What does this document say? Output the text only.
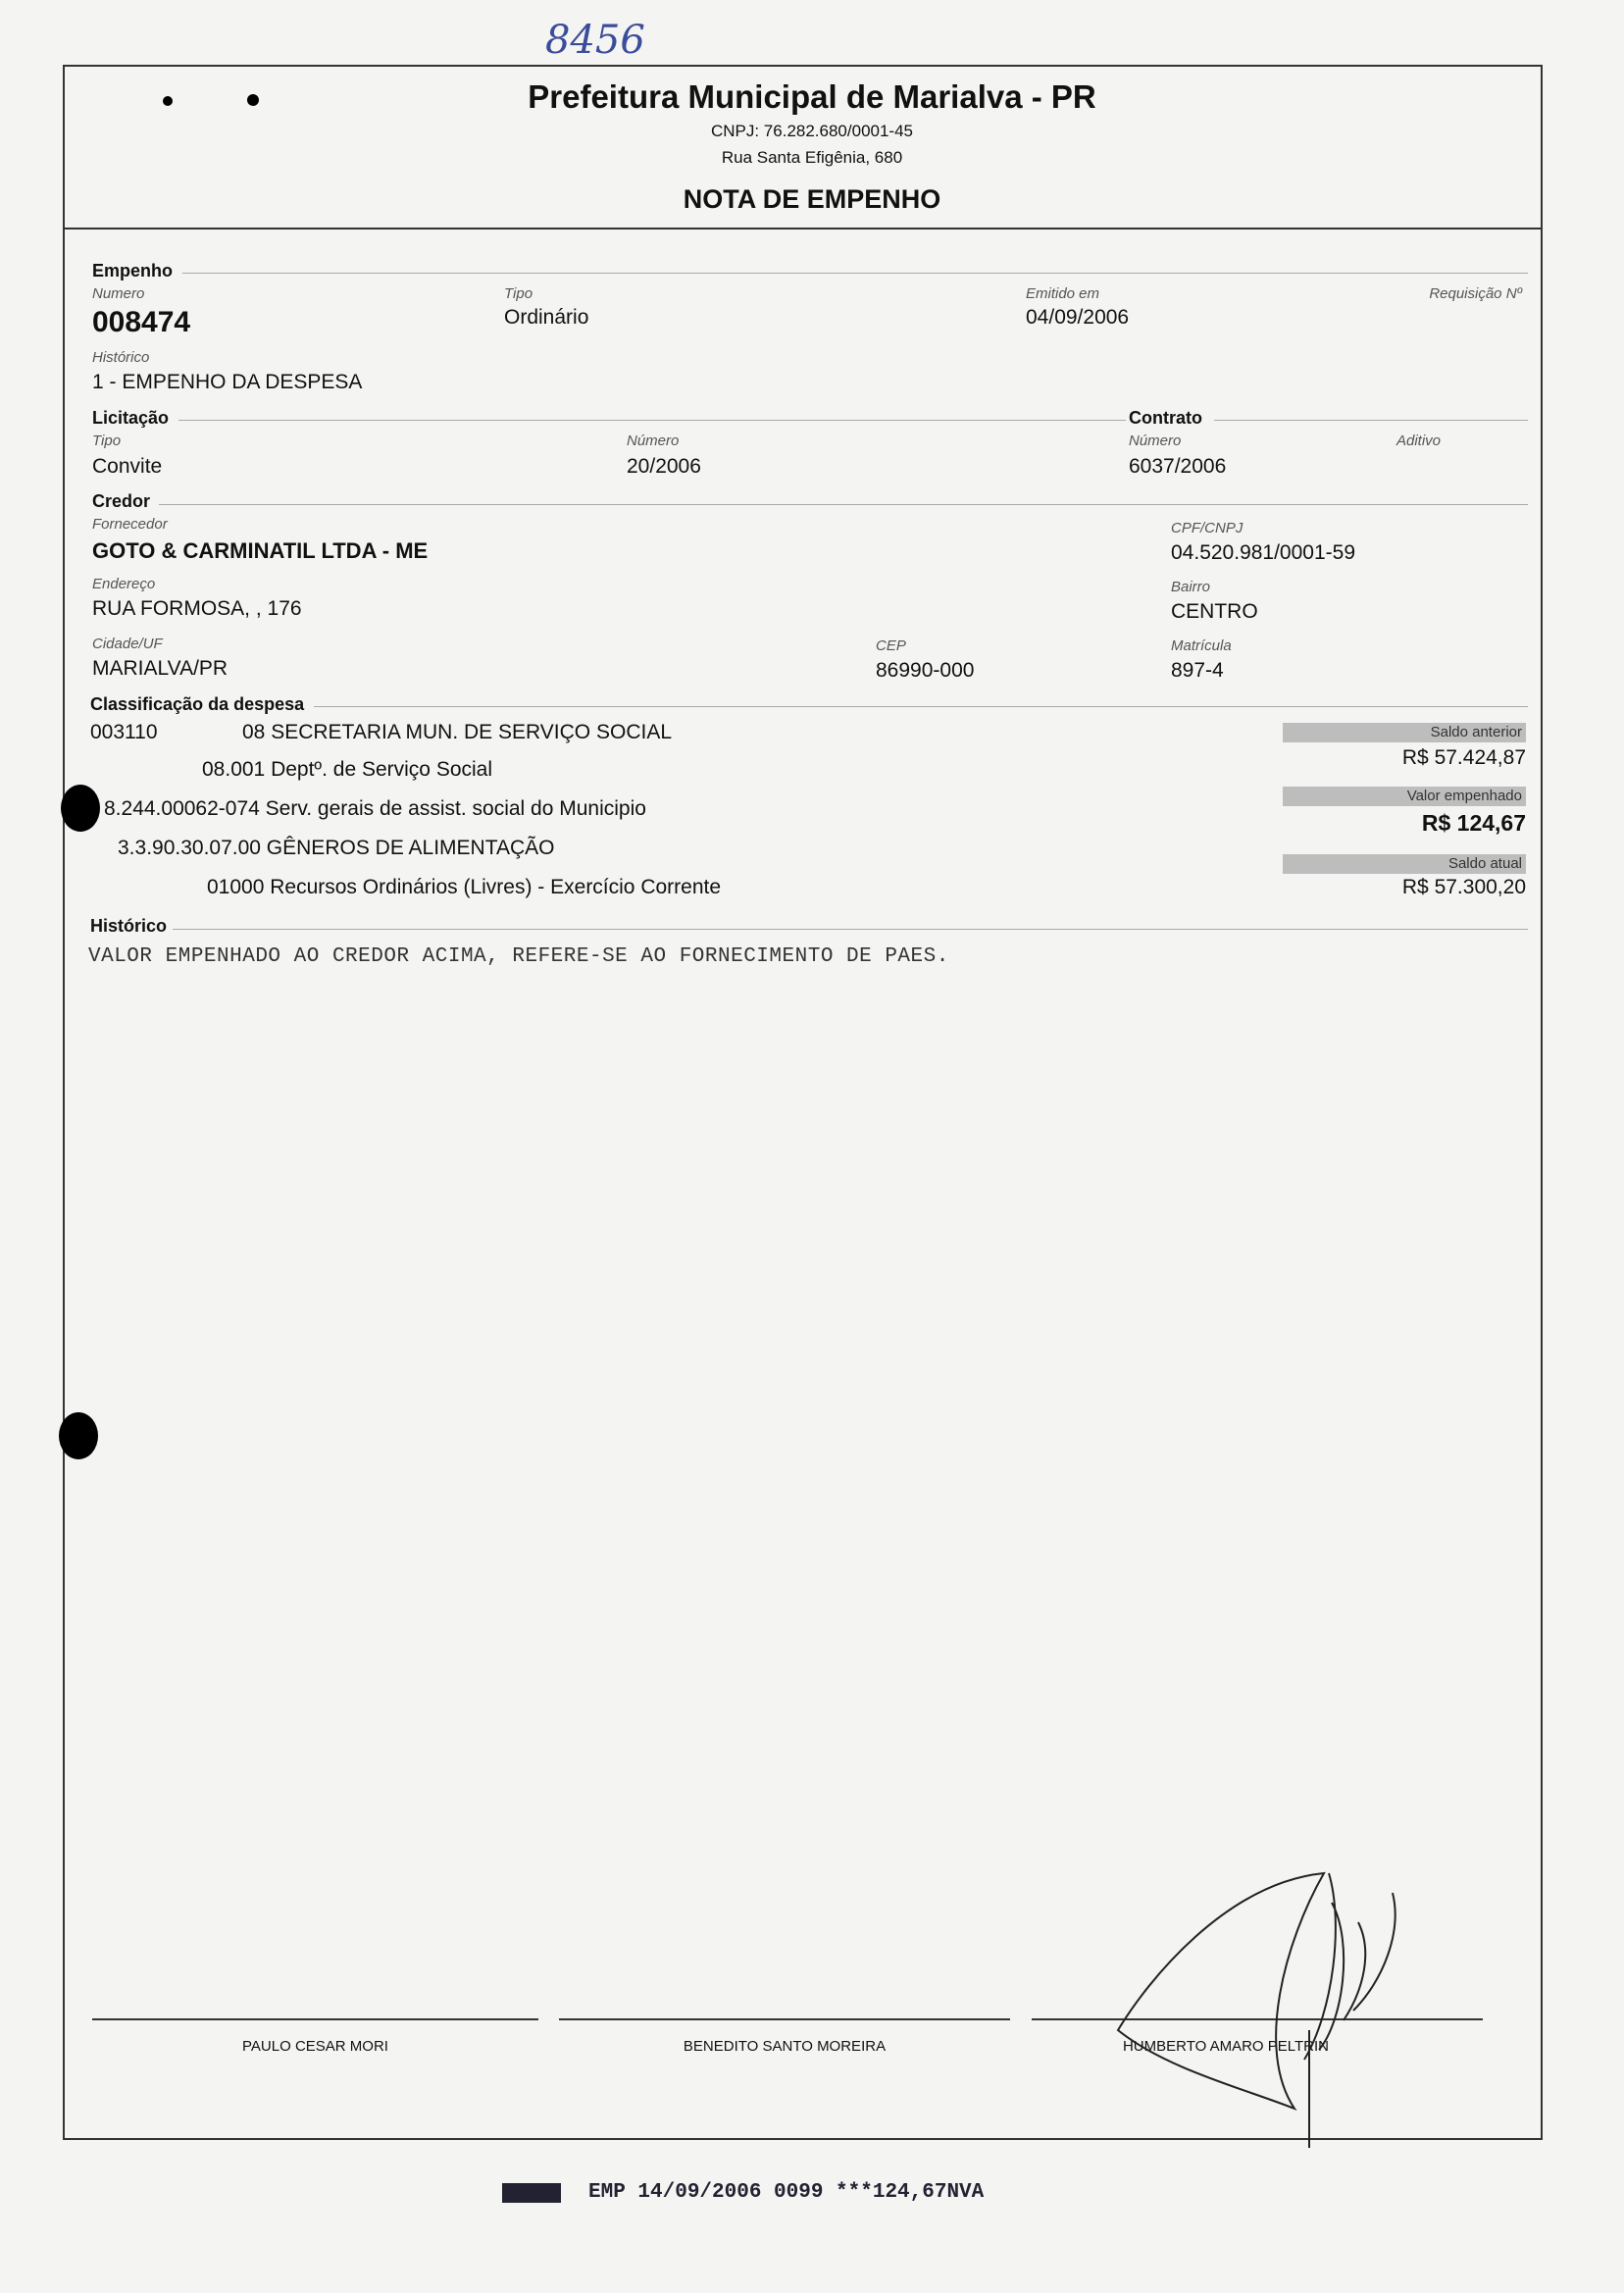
8456
Prefeitura Municipal de Marialva - PR
CNPJ: 76.282.680/0001-45
Rua Santa Efigênia, 680
NOTA DE EMPENHO
Empenho
Numero
008474
Tipo
Ordinário
Emitido em
04/09/2006
Requisição Nº
Histórico
1 - EMPENHO DA DESPESA
Licitação	Contrato
Tipo
Convite
Número
20/2006
Número
6037/2006
Aditivo
Credor
Fornecedor
GOTO & CARMINATIL LTDA - ME
CPF/CNPJ
04.520.981/0001-59
Endereço
RUA FORMOSA, , 176
Bairro
CENTRO
Cidade/UF
MARIALVA/PR
CEP
86990-000
Matrícula
897-4
Classificação da despesa
003110	08 SECRETARIA MUN. DE SERVIÇO SOCIAL
08.001 Deptº. de Serviço Social
8.244.00062-074 Serv. gerais de assist. social do Municipio
3.3.90.30.07.00 GÊNEROS DE ALIMENTAÇÃO
01000 Recursos Ordinários (Livres) - Exercício Corrente
Saldo anterior
R$ 57.424,87
Valor empenhado
R$ 124,67
Saldo atual
R$ 57.300,20
Histórico
VALOR EMPENHADO AO CREDOR ACIMA, REFERE-SE AO FORNECIMENTO DE PAES.
PAULO CESAR MORI	BENEDITO SANTO MOREIRA	HUMBERTO AMARO PELTRIN
EMP 14/09/2006 0099 ***124,67NVA
